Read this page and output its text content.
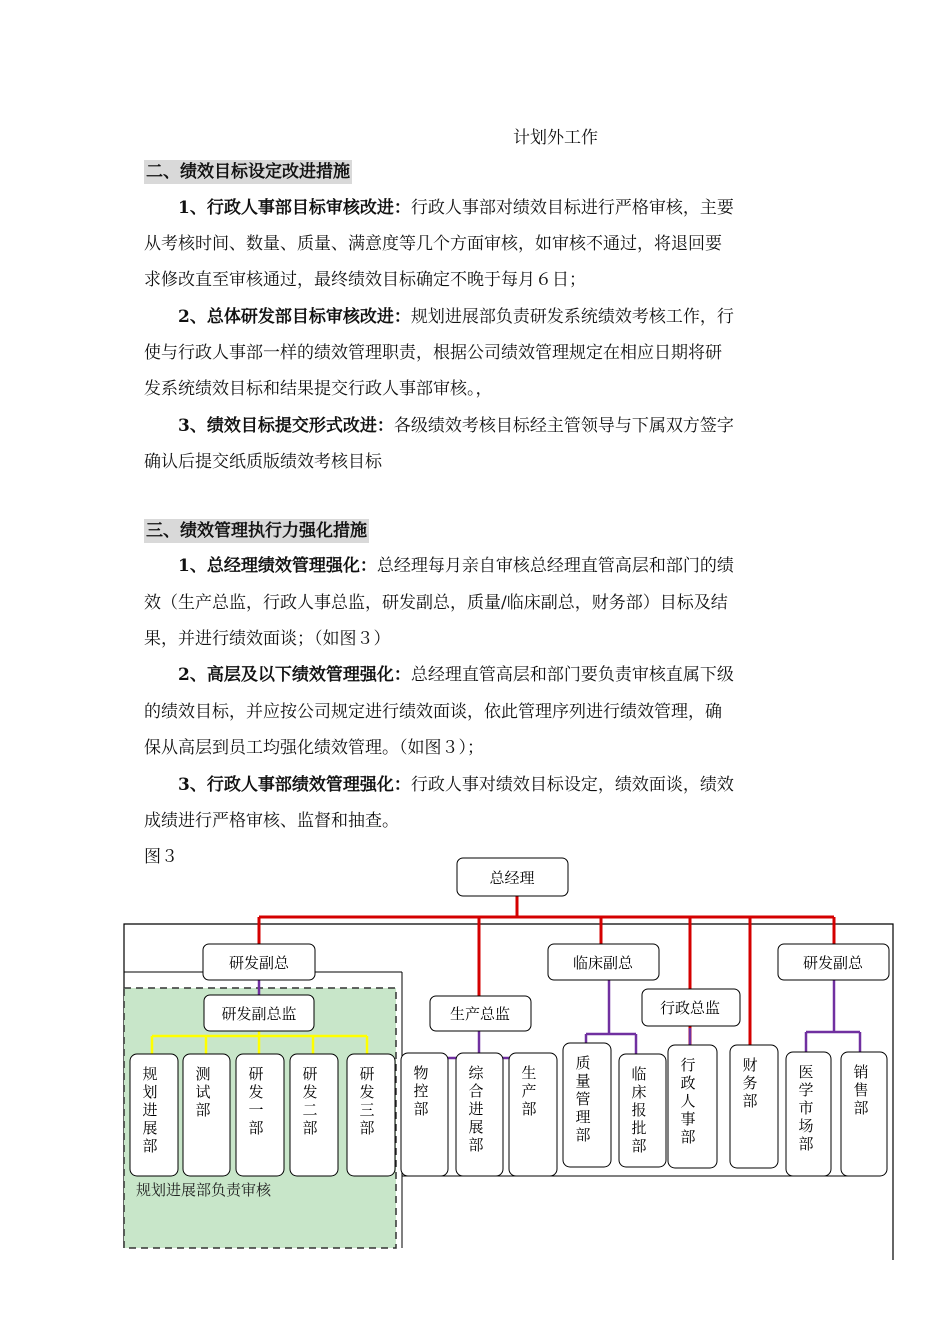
计划外工作
二、绩效目标设定改进措施
1、行政人事部目标审核改进：行政人事部对绩效目标进行严格审核，主要
从考核时间、数量、质量、满意度等几个方面审核，如审核不通过，将退回要
求修改直至审核通过，最终绩效目标确定不晚于每月６日；
2、总体研发部目标审核改进：规划进展部负责研发系统绩效考核工作，行
使与行政人事部一样的绩效管理职责，根据公司绩效管理规定在相应日期将研
发系统绩效目标和结果提交行政人事部审核。，
3、绩效目标提交形式改进：各级绩效考核目标经主管领导与下属双方签字
确认后提交纸质版绩效考核目标
三、绩效管理执行力强化措施
1、总经理绩效管理强化：总经理每月亲自审核总经理直管高层和部门的绩
效（生产总监，行政人事总监，研发副总，质量/临床副总，财务部）目标及结
果，并进行绩效面谈；（如图３）
2、高层及以下绩效管理强化：总经理直管高层和部门要负责审核直属下级
的绩效目标，并应按公司规定进行绩效面谈，依此管理序列进行绩效管理，确
保从高层到员工均强化绩效管理。（如图３）；
3、行政人事部绩效管理强化：行政人事对绩效目标设定，绩效面谈，绩效
成绩进行严格审核、监督和抽查。
图３
规划进展部负责审核
总经理
研发副总	临床副总	研发副总
研发副总监	生产总监	行政总监
规划进展部
测试部
研发一部
研发二部
研发三部
物控部
综合进展部
生产部
质量管理部
临床报批部
行政人事部
财务部
医学市场部
销售部
